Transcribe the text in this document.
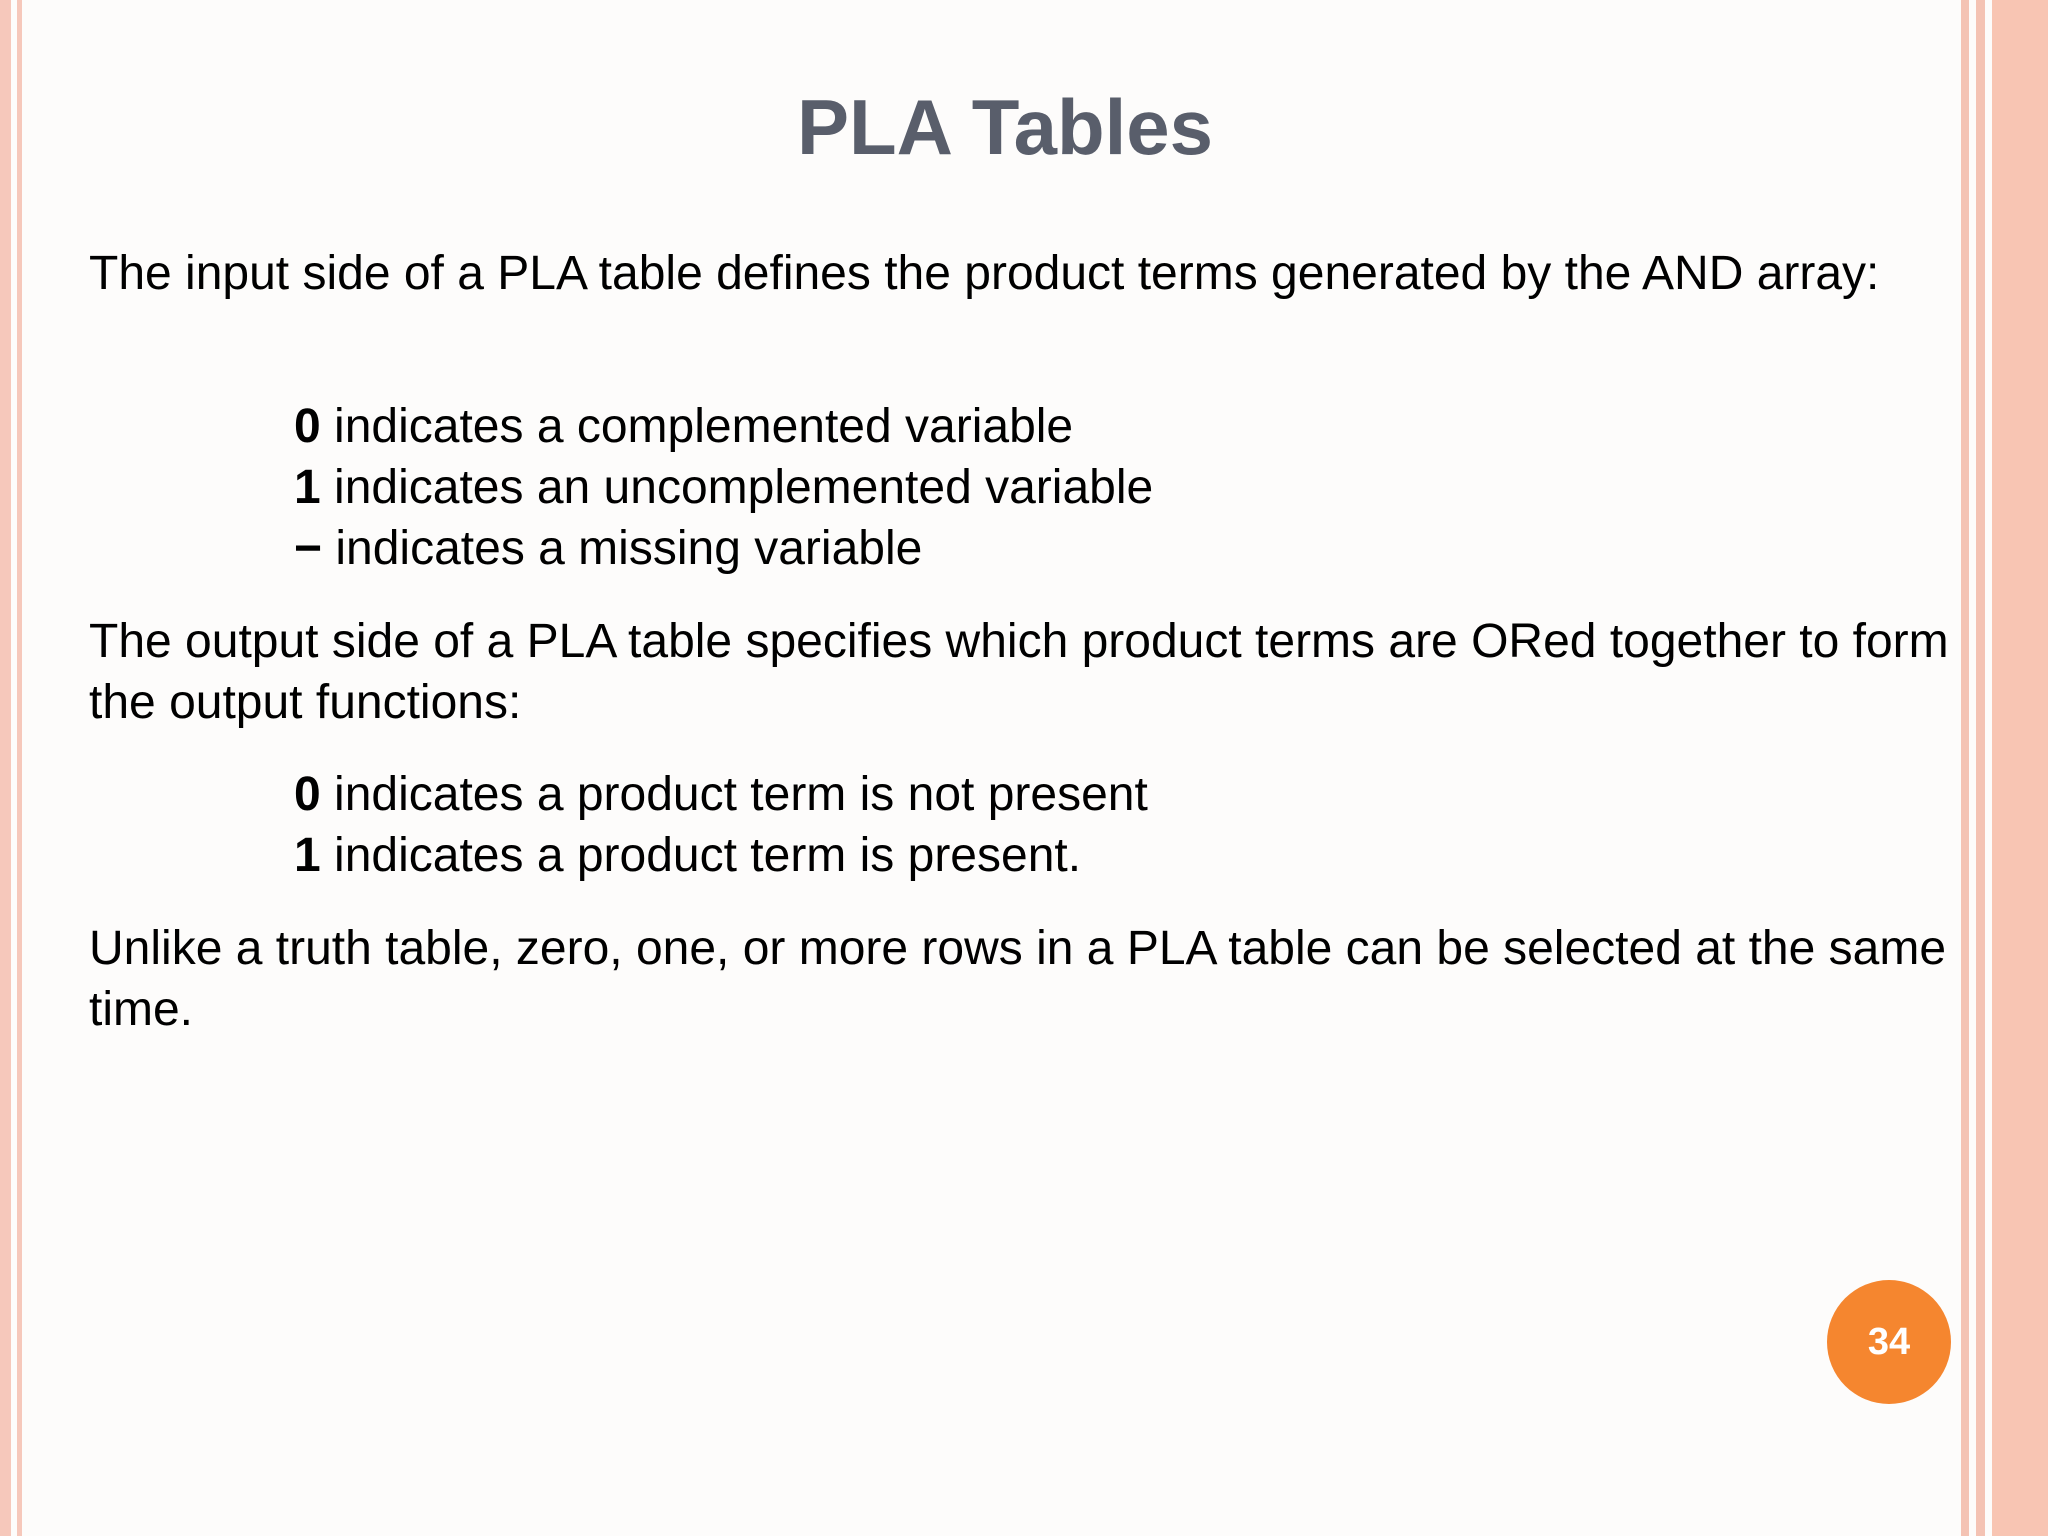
PLA Tables

The input side of a PLA table defines the product terms generated by the AND array:

0 indicates a complemented variable
1 indicates an uncomplemented variable
− indicates a missing variable

The output side of a PLA table specifies which product terms are ORed together to form the output functions:

0 indicates a product term is not present
1 indicates a product term is present.

Unlike a truth table, zero, one, or more rows in a PLA table can be selected at the same time.

34
